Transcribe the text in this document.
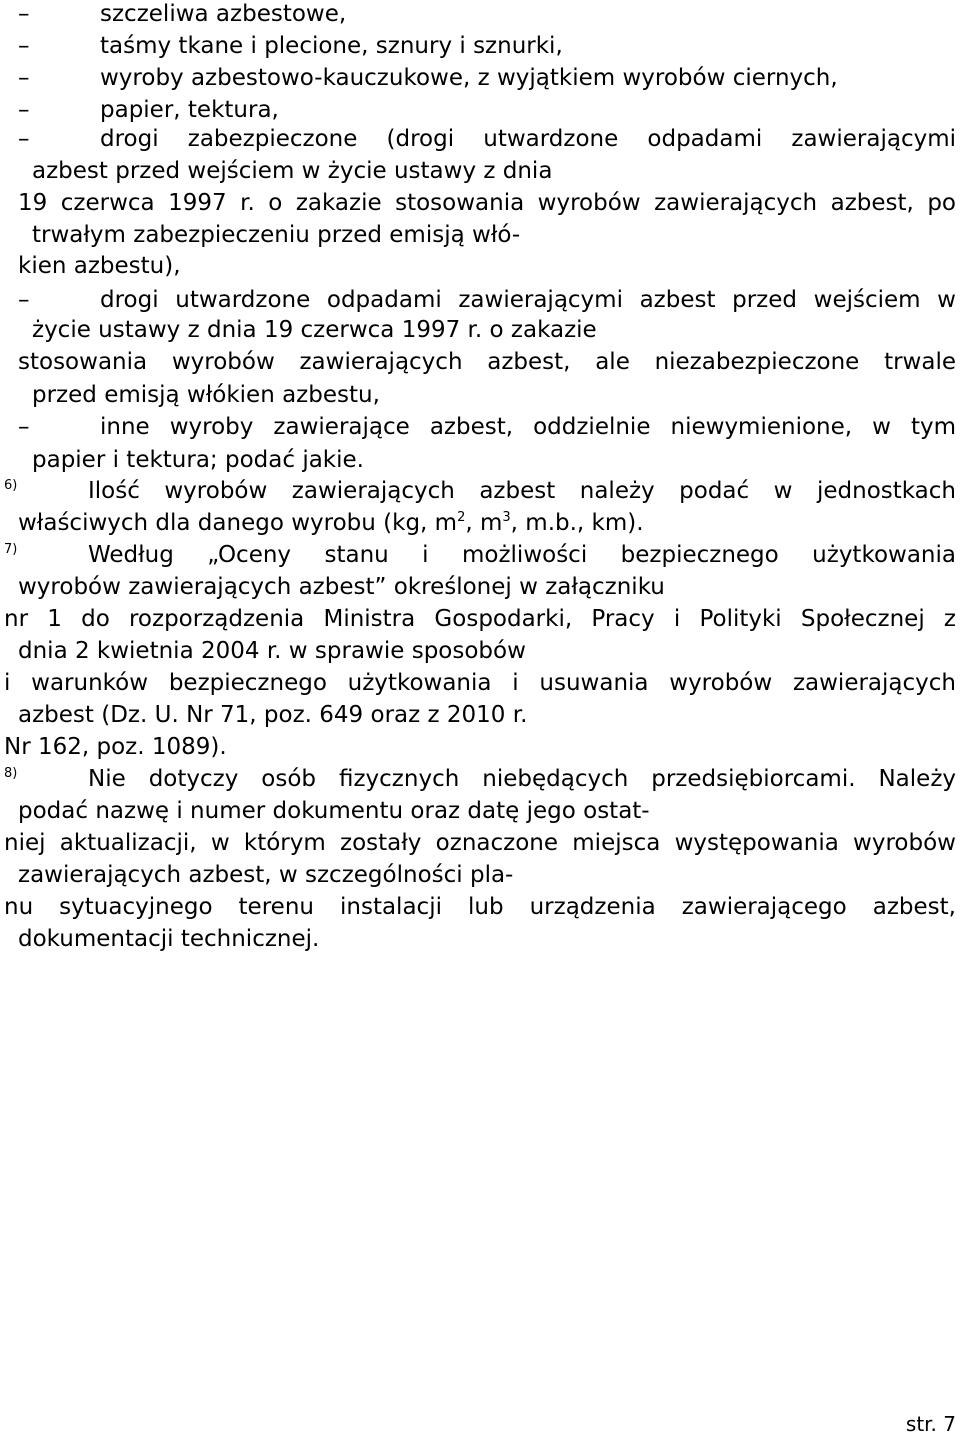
–	szczeliwa azbestowe,
–	taśmy tkane i plecione, sznury i sznurki,
–	wyroby azbestowo-kauczukowe, z wyjątkiem wyrobów ciernych,
–	papier, tektura,
–	drogi zabezpieczone (drogi utwardzone odpadami zawierającymi
azbest przed wejściem w życie ustawy z dnia
19 czerwca 1997 r. o zakazie stosowania wyrobów zawierających azbest, po
trwałym zabezpieczeniu przed emisją włó-
kien azbestu),
–	drogi utwardzone odpadami zawierającymi azbest przed wejściem w
życie ustawy z dnia 19 czerwca 1997 r. o zakazie
stosowania wyrobów zawierających azbest, ale niezabezpieczone trwale
przed emisją włókien azbestu,
–	inne wyroby zawierające azbest, oddzielnie niewymienione, w tym
papier i tektura; podać jakie.
6)	Ilość wyrobów zawierających azbest należy podać w jednostkach
właściwych dla danego wyrobu (kg, $m^2$, $m^3$, m.b., km).
7)	Według „Oceny stanu i możliwości bezpiecznego użytkowania
wyrobów zawierających azbest” określonej w załączniku
nr 1 do rozporządzenia Ministra Gospodarki, Pracy i Polityki Społecznej z
dnia 2 kwietnia 2004 r. w sprawie sposobów
i warunków bezpiecznego użytkowania i usuwania wyrobów zawierających
azbest (Dz. U. Nr 71, poz. 649 oraz z 2010 r.
Nr 162, poz. 1089).
8)	Nie dotyczy osób fizycznych niebędących przedsiębiorcami. Należy
podać nazwę i numer dokumentu oraz datę jego ostat-
niej aktualizacji, w którym zostały oznaczone miejsca występowania wyrobów
zawierających azbest, w szczególności pla-
nu sytuacyjnego terenu instalacji lub urządzenia zawierającego azbest,
dokumentacji technicznej.
str. 7
